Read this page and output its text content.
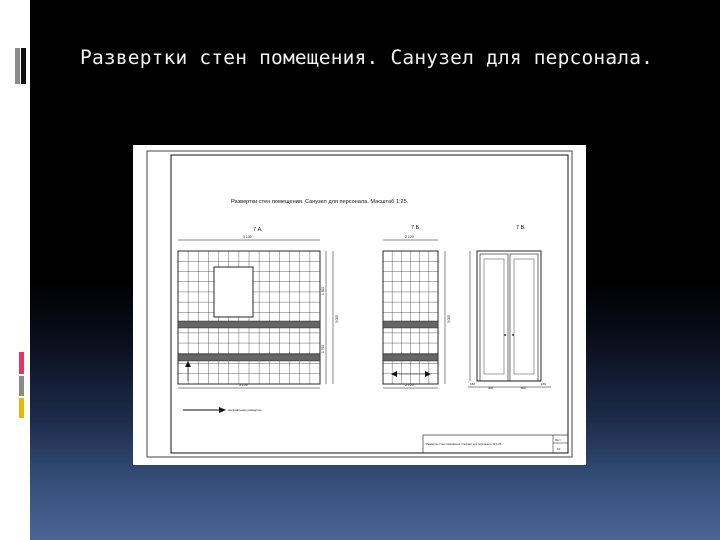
Развертки стен помещения. Санузел для персонала.
Развертки стен помещения. Санузел для персонала. Масштаб 1:25.
7 А.	7 Б.	7 В.
3 130
3 130
1 300
1 700
3 000
2 120
2 120
3 000
150
300	800
150
Направление развертки
Развертки стен помещения. Санузел для персонала. М 1:25
Лист
10
